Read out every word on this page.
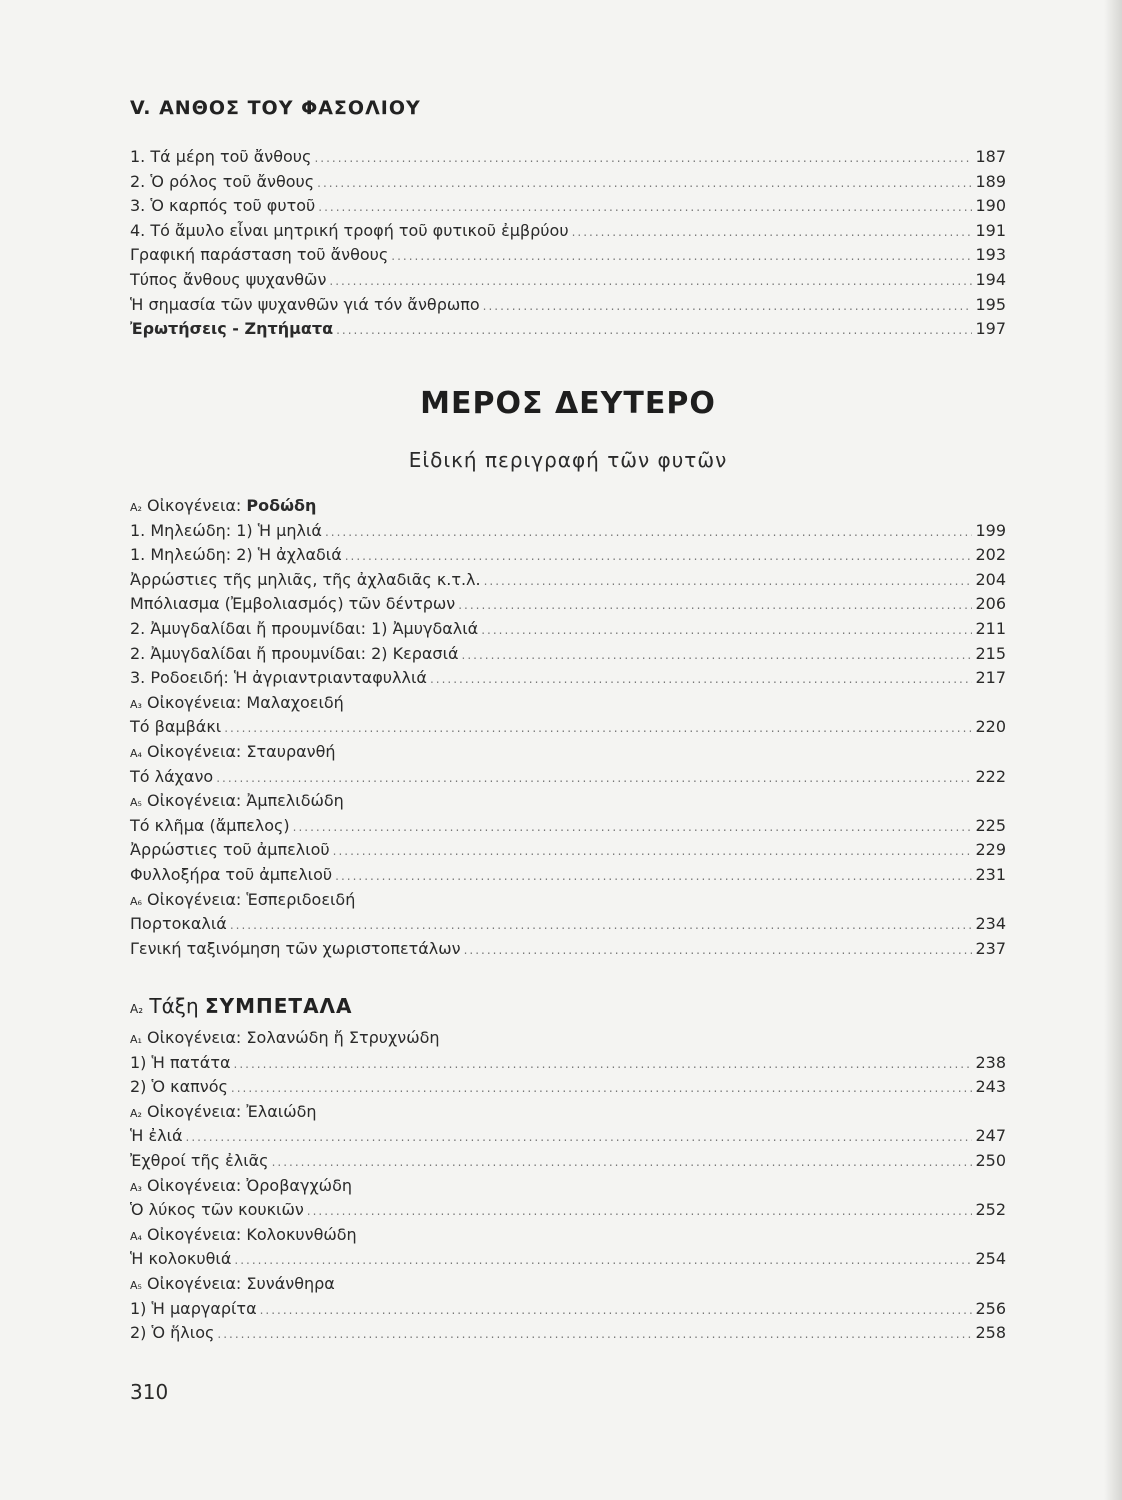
V. ΑΝΘΟΣ ΤΟΥ ΦΑΣΟΛΙΟΥ
1. Τά μέρη τοῦ ἄνθους .....	187
2. Ὁ ρόλος τοῦ ἄνθους .....	189
3. Ὁ καρπός τοῦ φυτοῦ .....	190
4. Τό ἄμυλο εἶναι μητρική τροφή τοῦ φυτικοῦ ἐμβρύου .....	191
Γραφική παράσταση τοῦ ἄνθους .....	193
Τύπος ἄνθους ψυχανθῶν .....	194
Ἡ σημασία τῶν ψυχανθῶν γιά τόν ἄνθρωπο .....	195
Ἐρωτήσεις - Ζητήματα .....	197
ΜΕΡΟΣ ΔΕΥΤΕΡΟ
Εἰδική περιγραφή τῶν φυτῶν
Α₂ Οἰκογένεια: Ροδώδη
1. Μηλεώδη: 1) Ἡ μηλιά .....	199
1. Μηλεώδη: 2) Ἡ ἀχλαδιά .....	202
Ἀρρώστιες τῆς μηλιᾶς, τῆς ἀχλαδιᾶς κ.τ.λ. .....	204
Μπόλιασμα (Ἐμβολιασμός) τῶν δέντρων .....	206
2. Ἀμυγδαλίδαι ἤ προυμνίδαι: 1) Ἀμυγδαλιά .....	211
2. Ἀμυγδαλίδαι ἤ προυμνίδαι: 2) Κερασιά .....	215
3. Ροδοειδή: Ἡ ἀγριαντριανταφυλλιά .....	217
Α₃ Οἰκογένεια: Μαλαχοειδή
Τό βαμβάκι .....	220
Α₄ Οἰκογένεια: Σταυρανθή
Τό λάχανο .....	222
Α₅ Οἰκογένεια: Ἀμπελιδώδη
Τό κλῆμα (ἄμπελος) .....	225
Ἀρρώστιες τοῦ ἀμπελιοῦ .....	229
Φυλλοξήρα τοῦ ἀμπελιοῦ .....	231
Α₆ Οἰκογένεια: Ἑσπεριδοειδή
Πορτοκαλιά .....	234
Γενική ταξινόμηση τῶν χωριστοπετάλων .....	237
Α₂ Τάξη ΣΥΜΠΕΤΑΛΑ
Α₁ Οἰκογένεια: Σολανώδη ἤ Στρυχνώδη
1) Ἡ πατάτα .....	238
2) Ὁ καπνός .....	243
Α₂ Οἰκογένεια: Ἐλαιώδη
Ἡ ἐλιά .....	247
Ἐχθροί τῆς ἐλιᾶς .....	250
Α₃ Οἰκογένεια: Ὀροβαγχώδη
Ὁ λύκος τῶν κουκιῶν .....	252
Α₄ Οἰκογένεια: Κολοκυνθώδη
Ἡ κολοκυθιά .....	254
Α₅ Οἰκογένεια: Συνάνθηρα
1) Ἡ μαργαρίτα .....	256
2) Ὁ ἥλιος .....	258
310
